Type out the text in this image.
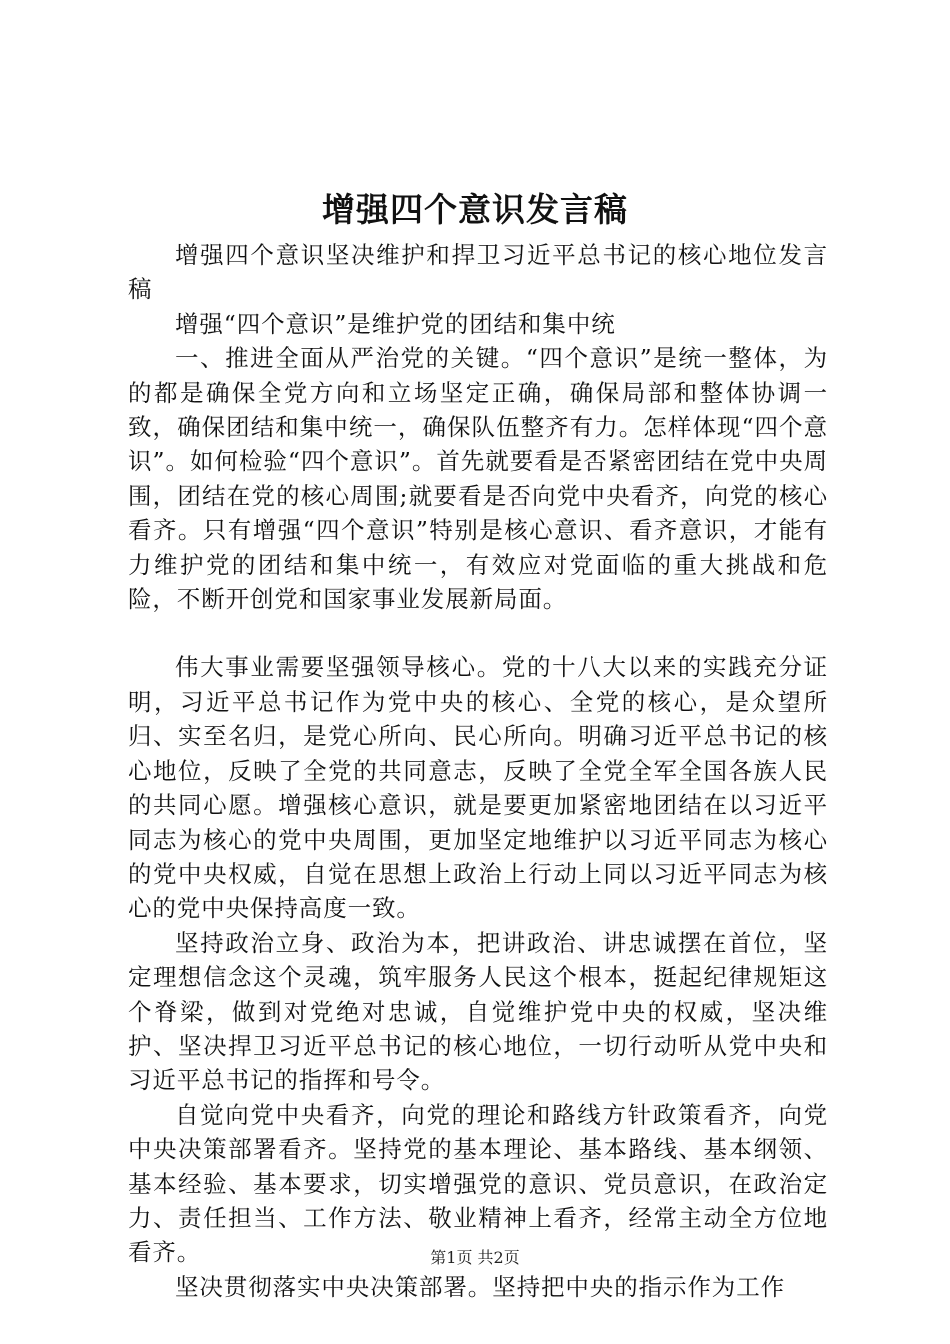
增强四个意识发言稿

增强四个意识坚决维护和捍卫习近平总书记的核心地位发言稿

增强“四个意识”是维护党的团结和集中统

一、推进全面从严治党的关键。“四个意识”是统一整体，为的都是确保全党方向和立场坚定正确，确保局部和整体协调一致，确保团结和集中统一，确保队伍整齐有力。怎样体现“四个意识”。如何检验“四个意识”。首先就要看是否紧密团结在党中央周围，团结在党的核心周围;就要看是否向党中央看齐，向党的核心看齐。只有增强“四个意识”特别是核心意识、看齐意识，才能有力维护党的团结和集中统一，有效应对党面临的重大挑战和危险，不断开创党和国家事业发展新局面。

伟大事业需要坚强领导核心。党的十八大以来的实践充分证明，习近平总书记作为党中央的核心、全党的核心，是众望所归、实至名归，是党心所向、民心所向。明确习近平总书记的核心地位，反映了全党的共同意志，反映了全党全军全国各族人民的共同心愿。增强核心意识，就是要更加紧密地团结在以习近平同志为核心的党中央周围，更加坚定地维护以习近平同志为核心的党中央权威，自觉在思想上政治上行动上同以习近平同志为核心的党中央保持高度一致。

坚持政治立身、政治为本，把讲政治、讲忠诚摆在首位，坚定理想信念这个灵魂，筑牢服务人民这个根本，挺起纪律规矩这个脊梁，做到对党绝对忠诚，自觉维护党中央的权威，坚决维护、坚决捍卫习近平总书记的核心地位，一切行动听从党中央和习近平总书记的指挥和号令。

自觉向党中央看齐，向党的理论和路线方针政策看齐，向党中央决策部署看齐。坚持党的基本理论、基本路线、基本纲领、基本经验、基本要求，切实增强党的意识、党员意识，在政治定力、责任担当、工作方法、敬业精神上看齐，经常主动全方位地看齐。

坚决贯彻落实中央决策部署。坚持把中央的指示作为工作

第1页 共2页
